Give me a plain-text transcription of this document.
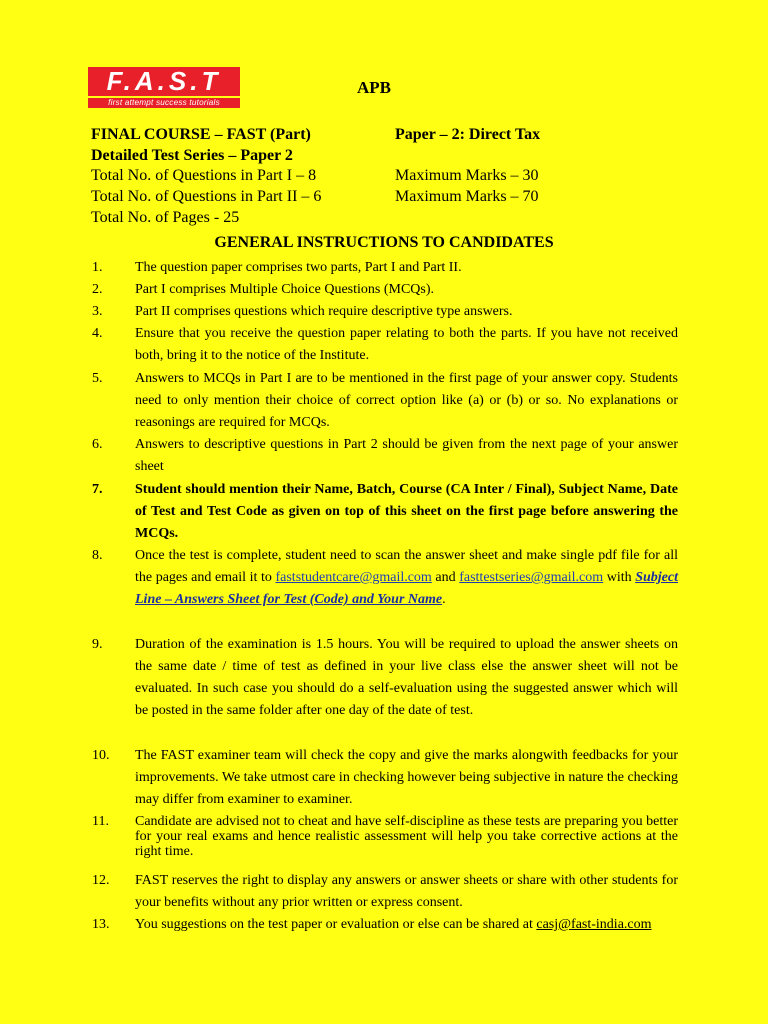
F.A.S.T
first attempt success tutorials
APB
FINAL COURSE – FAST (Part)	Paper – 2: Direct Tax
Detailed Test Series – Paper 2
Total No. of Questions in Part I – 8	Maximum Marks – 30
Total No. of Questions in Part II – 6	Maximum Marks – 70
Total No. of Pages - 25
GENERAL INSTRUCTIONS TO CANDIDATES
1.	The question paper comprises two parts, Part I and Part II.
2.	Part I comprises Multiple Choice Questions (MCQs).
3.	Part II comprises questions which require descriptive type answers.
4.	Ensure that you receive the question paper relating to both the parts. If you have not received both, bring it to the notice of the Institute.
5.	Answers to MCQs in Part I are to be mentioned in the first page of your answer copy. Students need to only mention their choice of correct option like (a) or (b) or so. No explanations or reasonings are required for MCQs.
6.	Answers to descriptive questions in Part 2 should be given from the next page of your answer sheet
7.	Student should mention their Name, Batch, Course (CA Inter / Final), Subject Name, Date of Test and Test Code as given on top of this sheet on the first page before answering the MCQs.
8.	Once the test is complete, student need to scan the answer sheet and make single pdf file for all the pages and email it to faststudentcare@gmail.com and fasttestseries@gmail.com with Subject Line – Answers Sheet for Test (Code) and Your Name.
9.	Duration of the examination is 1.5 hours. You will be required to upload the answer sheets on the same date / time of test as defined in your live class else the answer sheet will not be evaluated. In such case you should do a self-evaluation using the suggested answer which will be posted in the same folder after one day of the date of test.
10.	The FAST examiner team will check the copy and give the marks alongwith feedbacks for your improvements. We take utmost care in checking however being subjective in nature the checking may differ from examiner to examiner.
11.	Candidate are advised not to cheat and have self-discipline as these tests are preparing you better for your real exams and hence realistic assessment will help you take corrective actions at the right time.
12.	FAST reserves the right to display any answers or answer sheets or share with other students for your benefits without any prior written or express consent.
13.	You suggestions on the test paper or evaluation or else can be shared at casj@fast-india.com
